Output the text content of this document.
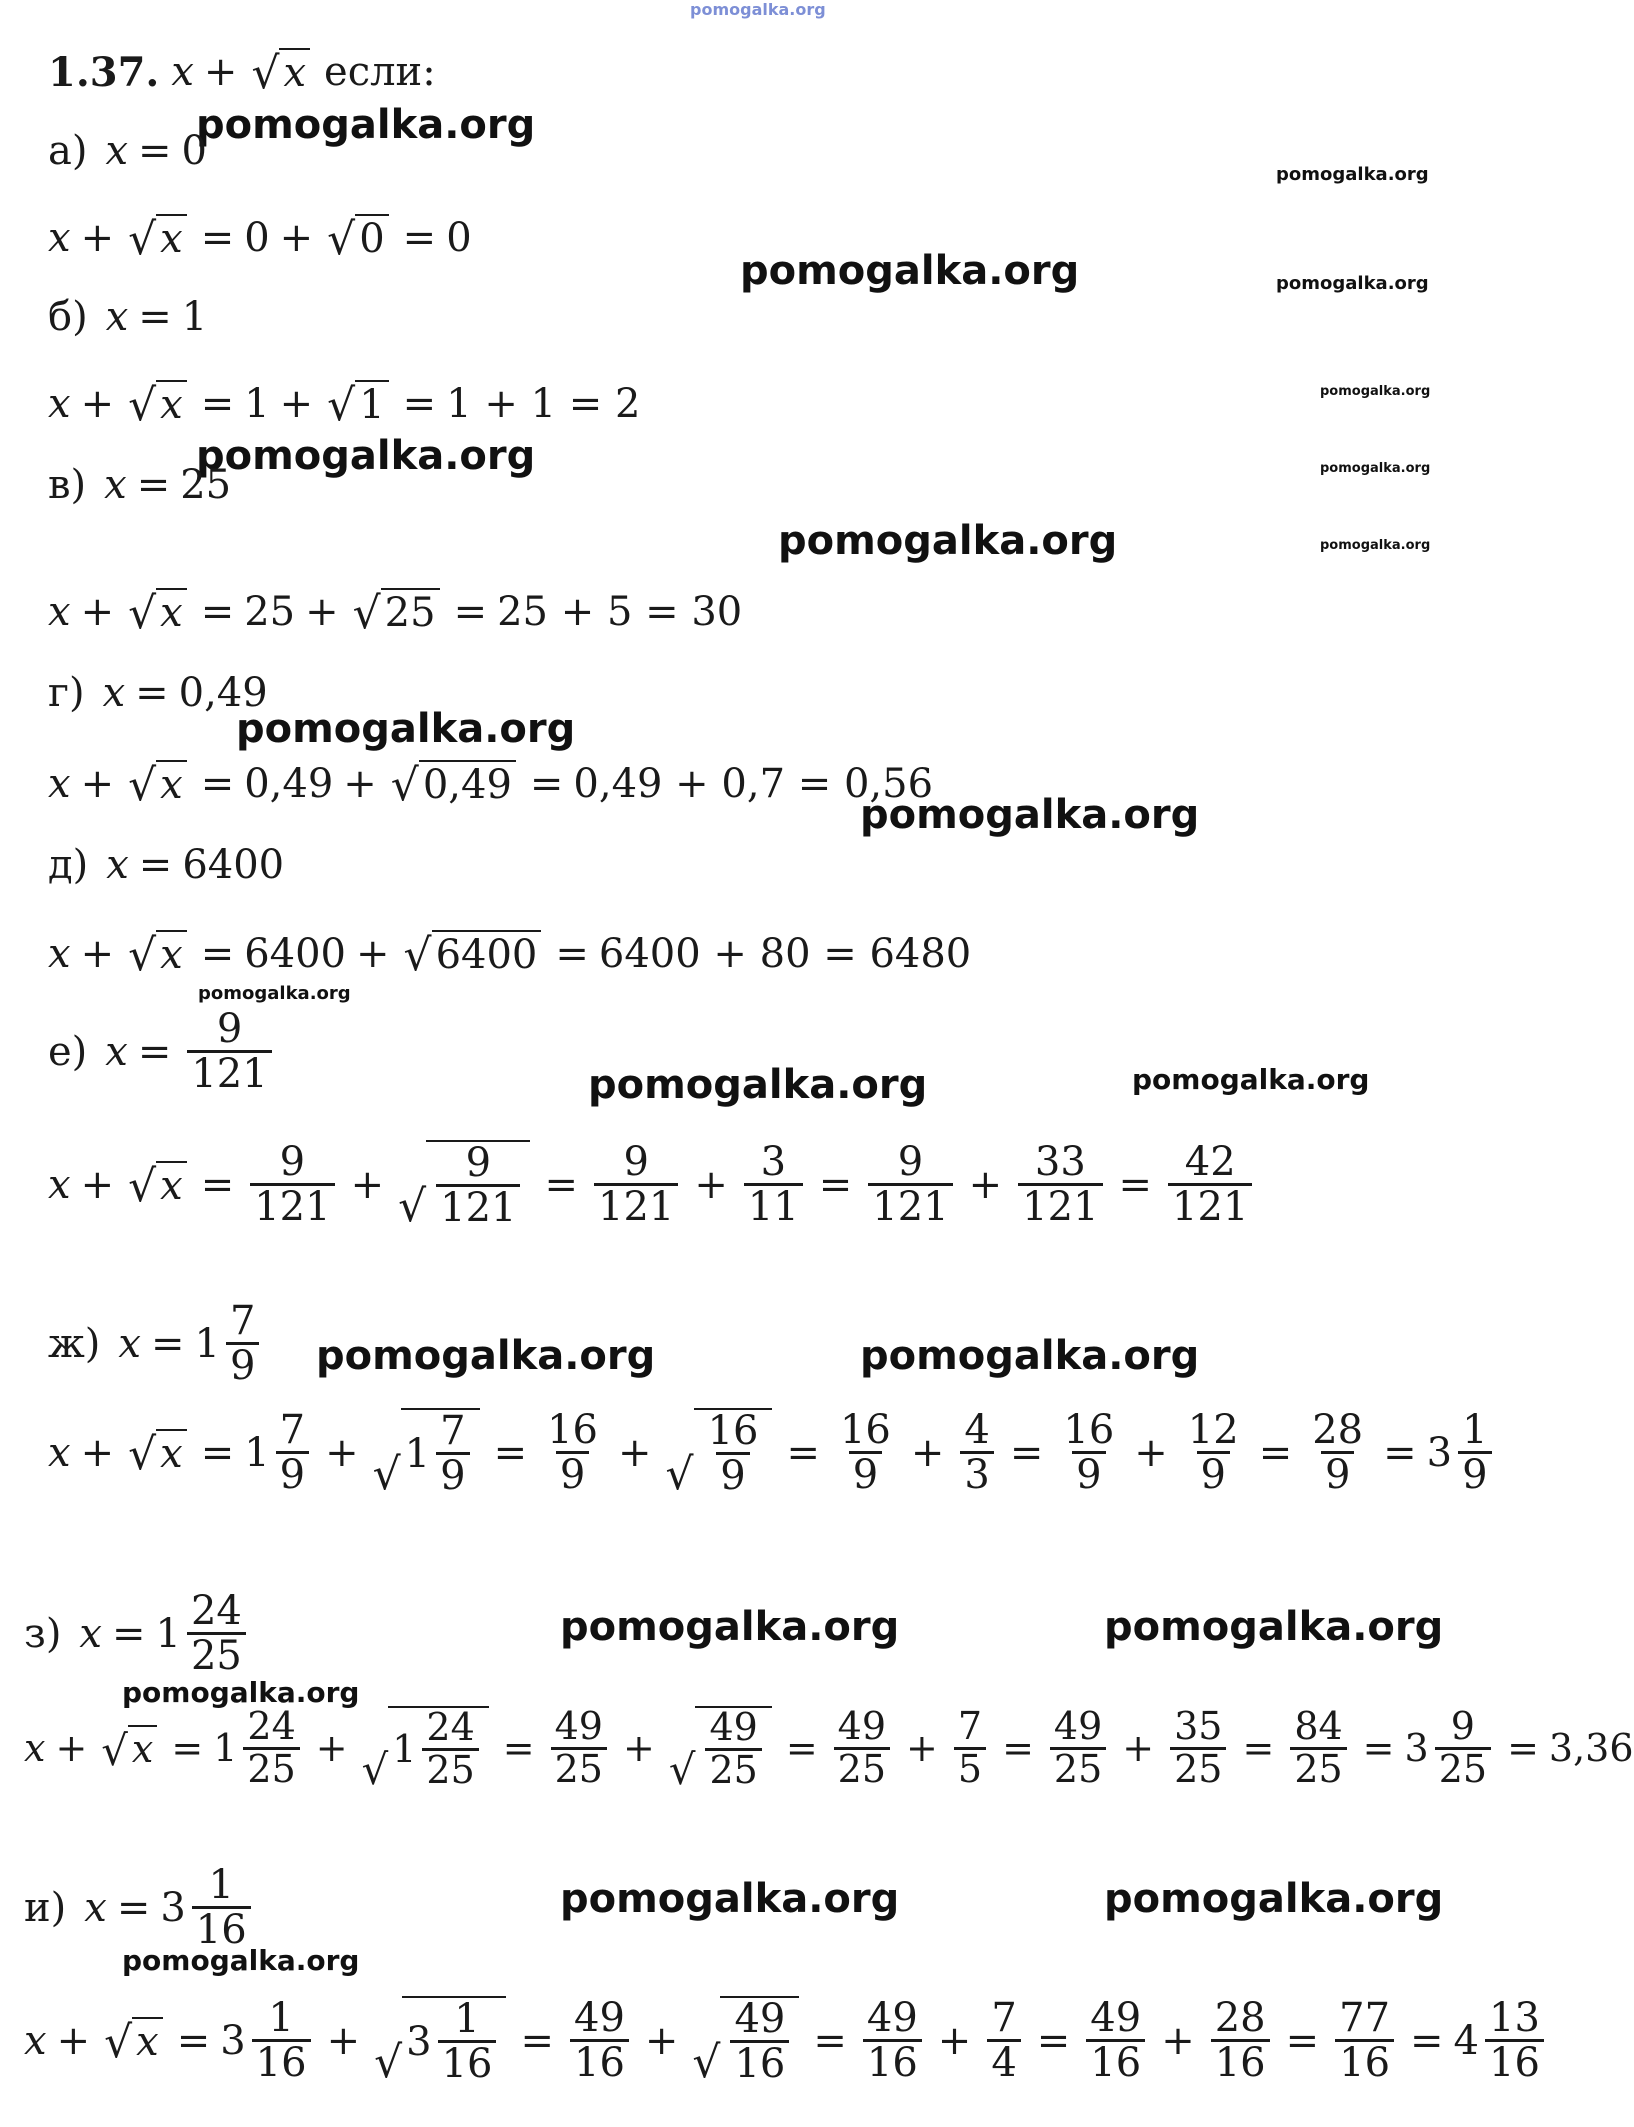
pomogalka.org
pomogalka.org
pomogalka.org
pomogalka.org	pomogalka.org
pomogalka.org
pomogalka.org	pomogalka.org
pomogalka.org	pomogalka.org
pomogalka.org
pomogalka.org
pomogalka.org
pomogalka.org	pomogalka.org
pomogalka.org	pomogalka.org
pomogalka.org	pomogalka.org
pomogalka.org
pomogalka.org	pomogalka.org
pomogalka.org
1.37. x + √ x если:
а) x = 0
x + √ x = 0 + √ 0 = 0
б) x = 1
x + √ x = 1 + √ 1 = 1 + 1 = 2
в) x = 25
x + √ x = 25 + √ 25 = 25 + 5 = 30
г) x = 0,49
x + √ x = 0,49 + √ 0,49 = 0,49 + 0,7 = 0,56
д) x = 6400
x + √ x = 6400 + √ 6400 = 6400 + 80 = 6480
е) $x = \frac{9}{121}$
x + √ $x = \frac{9}{121}$ + √ $\frac{9}{121} = \frac{9}{121} + \frac{3}{11} = \frac{9}{121} + \frac{33}{121} = \frac{42}{121}$
ж) $x = 1 \frac{7}{9}$
x + √ $x = 1 \frac{7}{9}$ + √ $1 \frac{7}{9} = \frac{16}{9}$ + √ $\frac{16}{9} = \frac{16}{9} + \frac{4}{3} = \frac{16}{9} + \frac{12}{9} = \frac{28}{9} = 3 \frac{1}{9}$
з) $x = 1 \frac{24}{25}$
x + √ $x = 1 \frac{24}{25}$ + √ $1 \frac{24}{25} = \frac{49}{25}$ + √ $\frac{49}{25} = \frac{49}{25} + \frac{7}{5} = \frac{49}{25} + \frac{35}{25} = \frac{84}{25} = 3 \frac{9}{25} = 3,36$
и) $x = 3 \frac{1}{16}$
x + √ $x = 3 \frac{1}{16}$ + √ $3 \frac{1}{16} = \frac{49}{16}$ + √ $\frac{49}{16} = \frac{49}{16} + \frac{7}{4} = \frac{49}{16} + \frac{28}{16} = \frac{77}{16} = 4 \frac{13}{16}$
